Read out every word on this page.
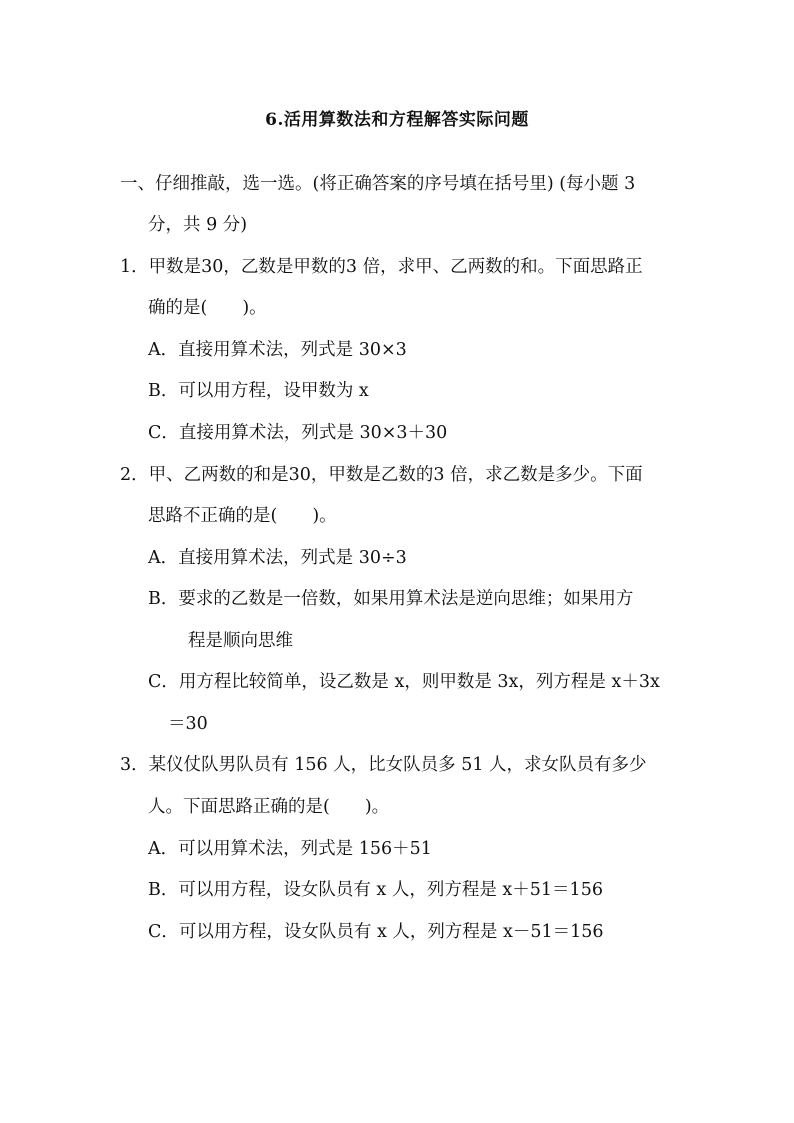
6.活用算数法和方程解答实际问题
一、仔细推敲，选一选。(将正确答案的序号填在括号里) (每小题 3
分，共 9 分)
1．甲数是30，乙数是甲数的3 倍，求甲、乙两数的和。下面思路正
确的是(　　)。
A．直接用算术法，列式是 30×3
B．可以用方程，设甲数为 x
C．直接用算术法，列式是 30×3＋30
2．甲、乙两数的和是30，甲数是乙数的3 倍，求乙数是多少。下面
思路不正确的是(　　)。
A．直接用算术法，列式是 30÷3
B．要求的乙数是一倍数，如果用算术法是逆向思维；如果用方
程是顺向思维
C．用方程比较简单，设乙数是 x，则甲数是 3x，列方程是 x＋3x
＝30
3．某仪仗队男队员有 156 人，比女队员多 51 人，求女队员有多少
人。下面思路正确的是(　　)。
A．可以用算术法，列式是 156＋51
B．可以用方程，设女队员有 x 人，列方程是 x＋51＝156
C．可以用方程，设女队员有 x 人，列方程是 x－51＝156
